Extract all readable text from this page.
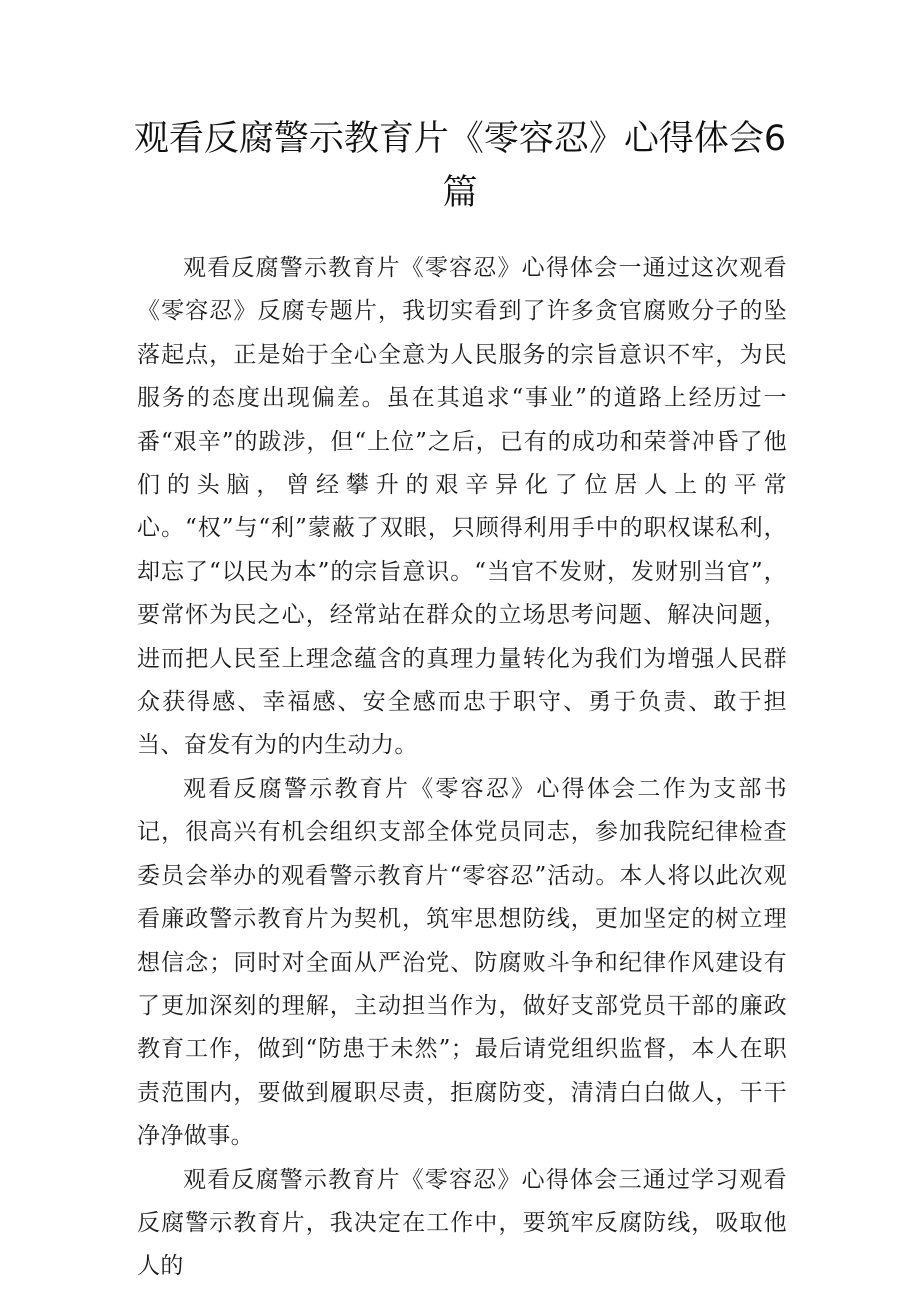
观看反腐警示教育片《零容忍》心得体会6篇

观看反腐警示教育片《零容忍》心得体会一通过这次观看《零容忍》反腐专题片，我切实看到了许多贪官腐败分子的坠落起点，正是始于全心全意为人民服务的宗旨意识不牢，为民服务的态度出现偏差。虽在其追求“事业”的道路上经历过一番“艰辛”的跋涉，但“上位”之后，已有的成功和荣誉冲昏了他们的头脑，曾经攀升的艰辛异化了位居人上的平常心。“权”与“利”蒙蔽了双眼，只顾得利用手中的职权谋私利，却忘了“以民为本”的宗旨意识。“当官不发财，发财别当官”，要常怀为民之心，经常站在群众的立场思考问题、解决问题，进而把人民至上理念蕴含的真理力量转化为我们为增强人民群众获得感、幸福感、安全感而忠于职守、勇于负责、敢于担当、奋发有为的内生动力。

观看反腐警示教育片《零容忍》心得体会二作为支部书记，很高兴有机会组织支部全体党员同志，参加我院纪律检查委员会举办的观看警示教育片“零容忍”活动。本人将以此次观看廉政警示教育片为契机，筑牢思想防线，更加坚定的树立理想信念；同时对全面从严治党、防腐败斗争和纪律作风建设有了更加深刻的理解，主动担当作为，做好支部党员干部的廉政教育工作，做到“防患于未然”；最后请党组织监督，本人在职责范围内，要做到履职尽责，拒腐防变，清清白白做人，干干净净做事。

观看反腐警示教育片《零容忍》心得体会三通过学习观看反腐警示教育片，我决定在工作中，要筑牢反腐防线，吸取他人的
